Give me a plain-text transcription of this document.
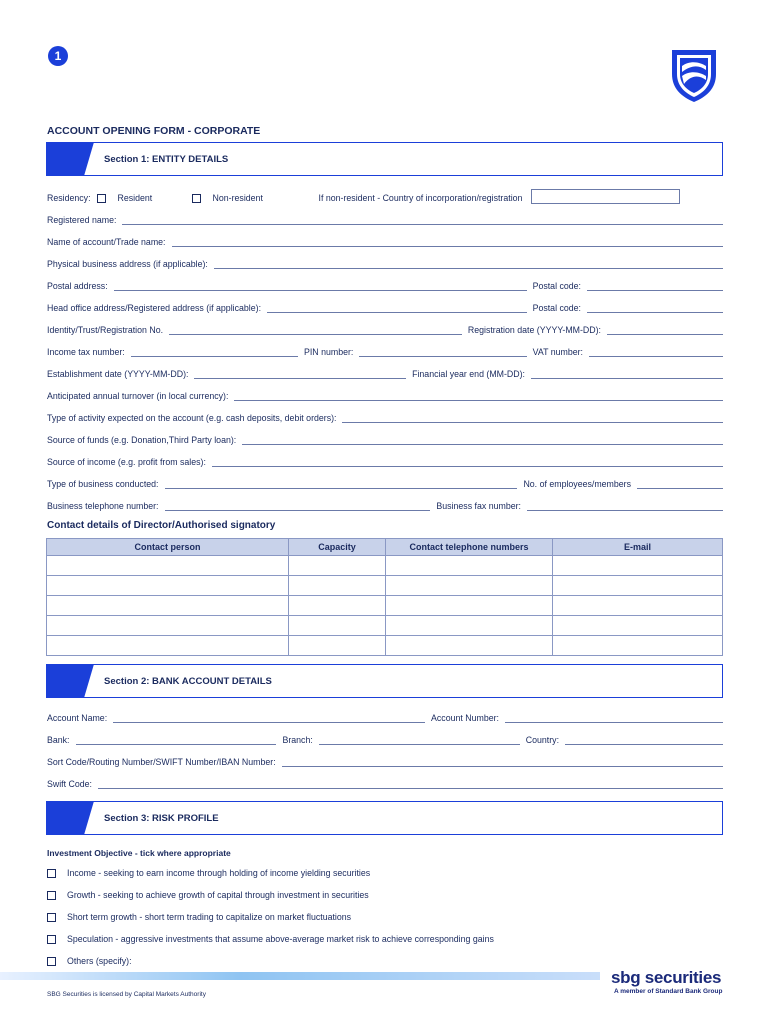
1
ACCOUNT OPENING FORM - CORPORATE
Section 1: ENTITY DETAILS
Residency:	Resident	Non-resident	If non-resident - Country of incorporation/registration
Registered name:
Name of account/Trade name:
Physical business address (if applicable):
Postal address:	Postal code:
Head office address/Registered address (if applicable):	Postal code:
Identity/Trust/Registration No.	Registration date (YYYY-MM-DD):
Income tax number:	PIN number:	VAT number:
Establishment date (YYYY-MM-DD):	Financial year end (MM-DD):
Anticipated annual turnover (in local currency):
Type of activity expected on the account (e.g. cash deposits, debit orders):
Source of funds (e.g. Donation,Third Party loan):
Source of income (e.g. profit from sales):
Type of business conducted:	No. of employees/members
Business telephone number:	Business fax number:
Contact details of Director/Authorised signatory
Contact person	Capacity	Contact telephone numbers	E-mail

Section 2: BANK ACCOUNT DETAILS
Account Name:	Account Number:
Bank:	Branch:	Country:
Sort Code/Routing Number/SWIFT Number/IBAN Number:
Swift Code:
Section 3: RISK PROFILE
Investment Objective - tick where appropriate
Income - seeking to earn income through holding of income yielding securities
Growth - seeking to achieve growth of capital through investment in securities
Short term growth - short term trading to capitalize on market fluctuations
Speculation - aggressive investments that assume above-average market risk to achieve corresponding gains
Others (specify):
sbg securities
A member of Standard Bank Group
SBG Securities is licensed by Capital Markets Authority
